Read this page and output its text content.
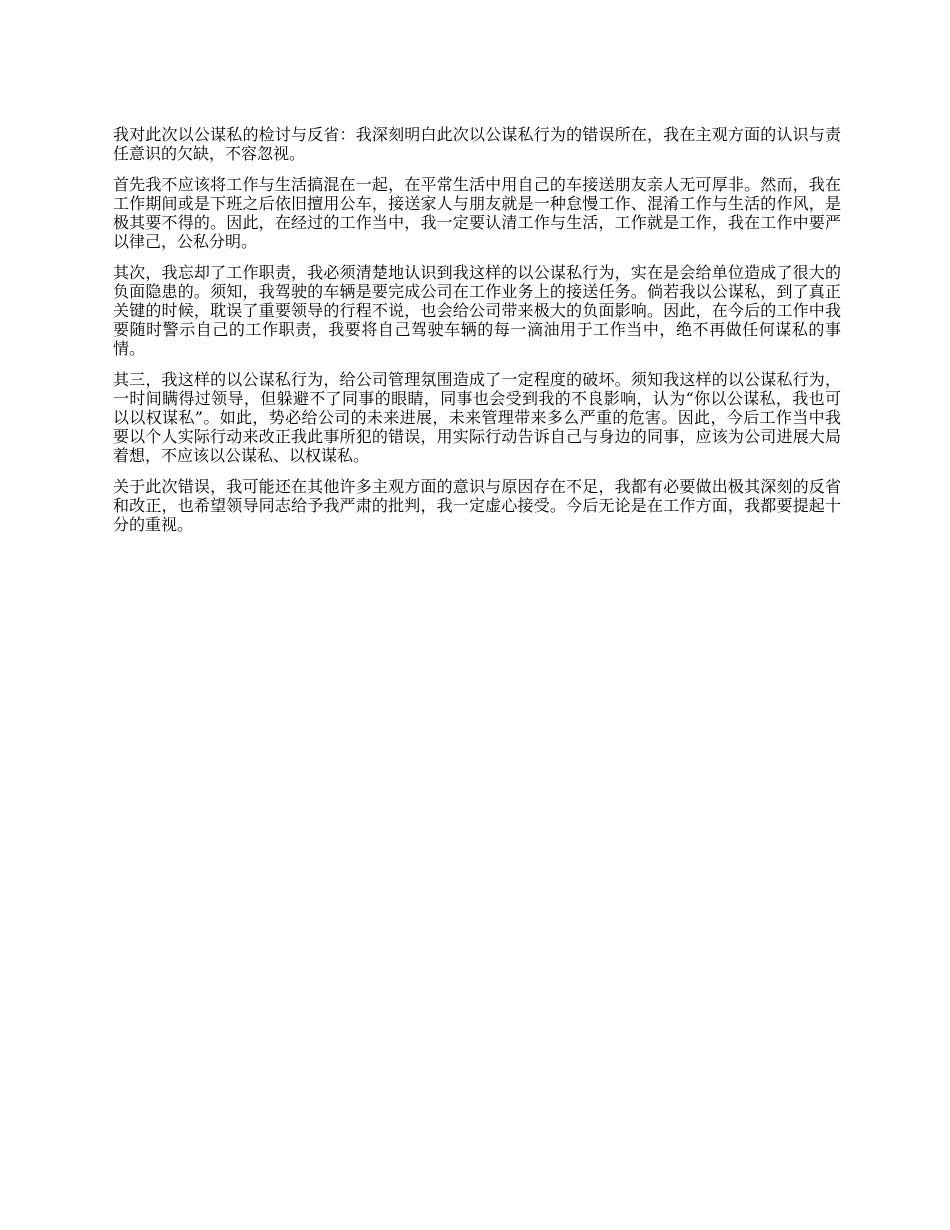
我对此次以公谋私的检讨与反省：我深刻明白此次以公谋私行为的错误所在，我在主观方面的认识与责任意识的欠缺，不容忽视。

首先我不应该将工作与生活搞混在一起，在平常生活中用自己的车接送朋友亲人无可厚非。然而，我在工作期间或是下班之后依旧擅用公车，接送家人与朋友就是一种怠慢工作、混淆工作与生活的作风，是极其要不得的。因此，在经过的工作当中，我一定要认清工作与生活，工作就是工作，我在工作中要严以律己，公私分明。

其次，我忘却了工作职责，我必须清楚地认识到我这样的以公谋私行为，实在是会给单位造成了很大的负面隐患的。须知，我驾驶的车辆是要完成公司在工作业务上的接送任务。倘若我以公谋私，到了真正关键的时候，耽误了重要领导的行程不说，也会给公司带来极大的负面影响。因此，在今后的工作中我要随时警示自己的工作职责，我要将自己驾驶车辆的每一滴油用于工作当中，绝不再做任何谋私的事情。

其三，我这样的以公谋私行为，给公司管理氛围造成了一定程度的破坏。须知我这样的以公谋私行为，一时间瞒得过领导，但躲避不了同事的眼睛，同事也会受到我的不良影响，认为“你以公谋私，我也可以以权谋私”。如此，势必给公司的未来进展，未来管理带来多么严重的危害。因此，今后工作当中我要以个人实际行动来改正我此事所犯的错误，用实际行动告诉自己与身边的同事，应该为公司进展大局着想，不应该以公谋私、以权谋私。

关于此次错误，我可能还在其他许多主观方面的意识与原因存在不足，我都有必要做出极其深刻的反省和改正，也希望领导同志给予我严肃的批判，我一定虚心接受。今后无论是在工作方面，我都要提起十分的重视。
